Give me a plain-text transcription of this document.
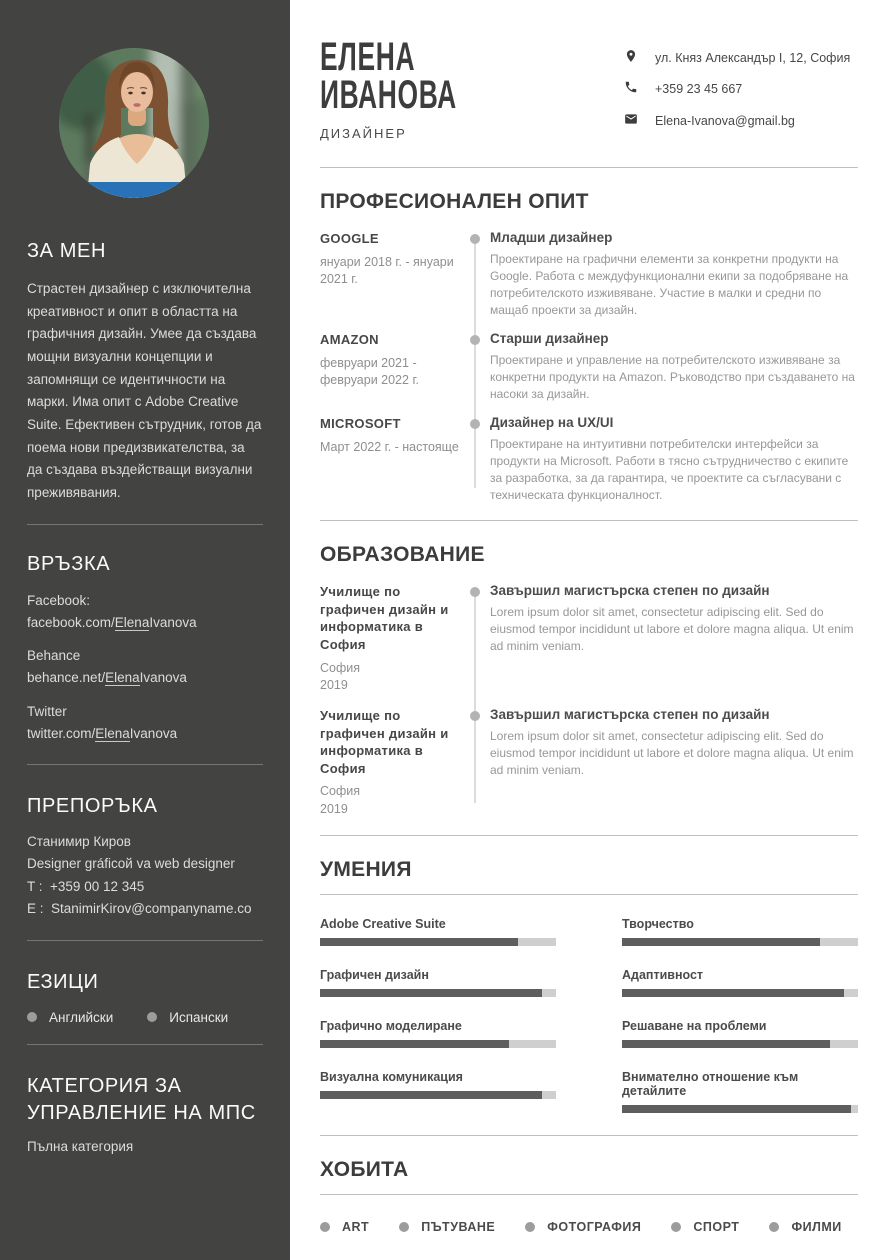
ЗА МЕН

Страстен дизайнер с изключителна креативност и опит в областта на графичния дизайн. Умее да създава мощни визуални концепции и запомнящи се идентичности на марки. Има опит с Adobe Creative Suite. Ефективен сътрудник, готов да поема нови предизвикателства, за да създава въздействащи визуални преживявания.

ВРЪЗКА
Facebook:
facebook.com/ElenaIvanova
Behance
behance.net/ElenaIvanova
Twitter
twitter.com/ElenaIvanova
ПРЕПОРЪКА
Станимир Киров
Designer gráficoй va web designer
T : +359 00 12 345
E : StanimirKirov@companyname.co
ЕЗИЦИ
Английски	Испански
КАТЕГОРИЯ ЗА УПРАВЛЕНИЕ НА МПС
Пълна категория
ЕЛЕНА
ИВАНОВА
ДИЗАЙНЕР
ул. Княз Александър I, 12, София
+359 23 45 667
Elena-Ivanova@gmail.bg
ПРОФЕСИОНАЛЕН ОПИТ
GOOGLE
януари 2018 г. - януари 2021 г.
Младши дизайнер
Проектиране на графични елементи за конкретни продукти на Google. Работа с междуфункционални екипи за подобряване на потребителското изживяване. Участие в малки и средни по мащаб проекти за дизайн.
AMAZON
февруари 2021 - февруари 2022 г.
Старши дизайнер
Проектиране и управление на потребителското изживяване за конкретни продукти на Amazon. Ръководство при създаването на насоки за дизайн.
MICROSOFT
Март 2022 г. - настояще
Дизайнер на UX/UI
Проектиране на интуитивни потребителски интерфейси за продукти на Microsoft. Работи в тясно сътрудничество с екипите за разработка, за да гарантира, че проектите са съгласувани с техническата функционалност.
ОБРАЗОВАНИЕ
Училище по графичен дизайн и информатика в София
София
2019
Завършил магистърска степен по дизайн
Lorem ipsum dolor sit amet, consectetur adipiscing elit. Sed do eiusmod tempor incididunt ut labore et dolore magna aliqua. Ut enim ad minim veniam.
Училище по графичен дизайн и информатика в София
София
2019
Завършил магистърска степен по дизайн
Lorem ipsum dolor sit amet, consectetur adipiscing elit. Sed do eiusmod tempor incididunt ut labore et dolore magna aliqua. Ut enim ad minim veniam.
УМЕНИЯ
Adobe Creative Suite	Творчество
Графичен дизайн	Адаптивност
Графично моделиране	Решаване на проблеми
Визуална комуникация	Внимателно отношение към детайлите
ХОБИТА
ART	ПЪТУВАНЕ	ФОТОГРАФИЯ	СПОРТ	ФИЛМИ
